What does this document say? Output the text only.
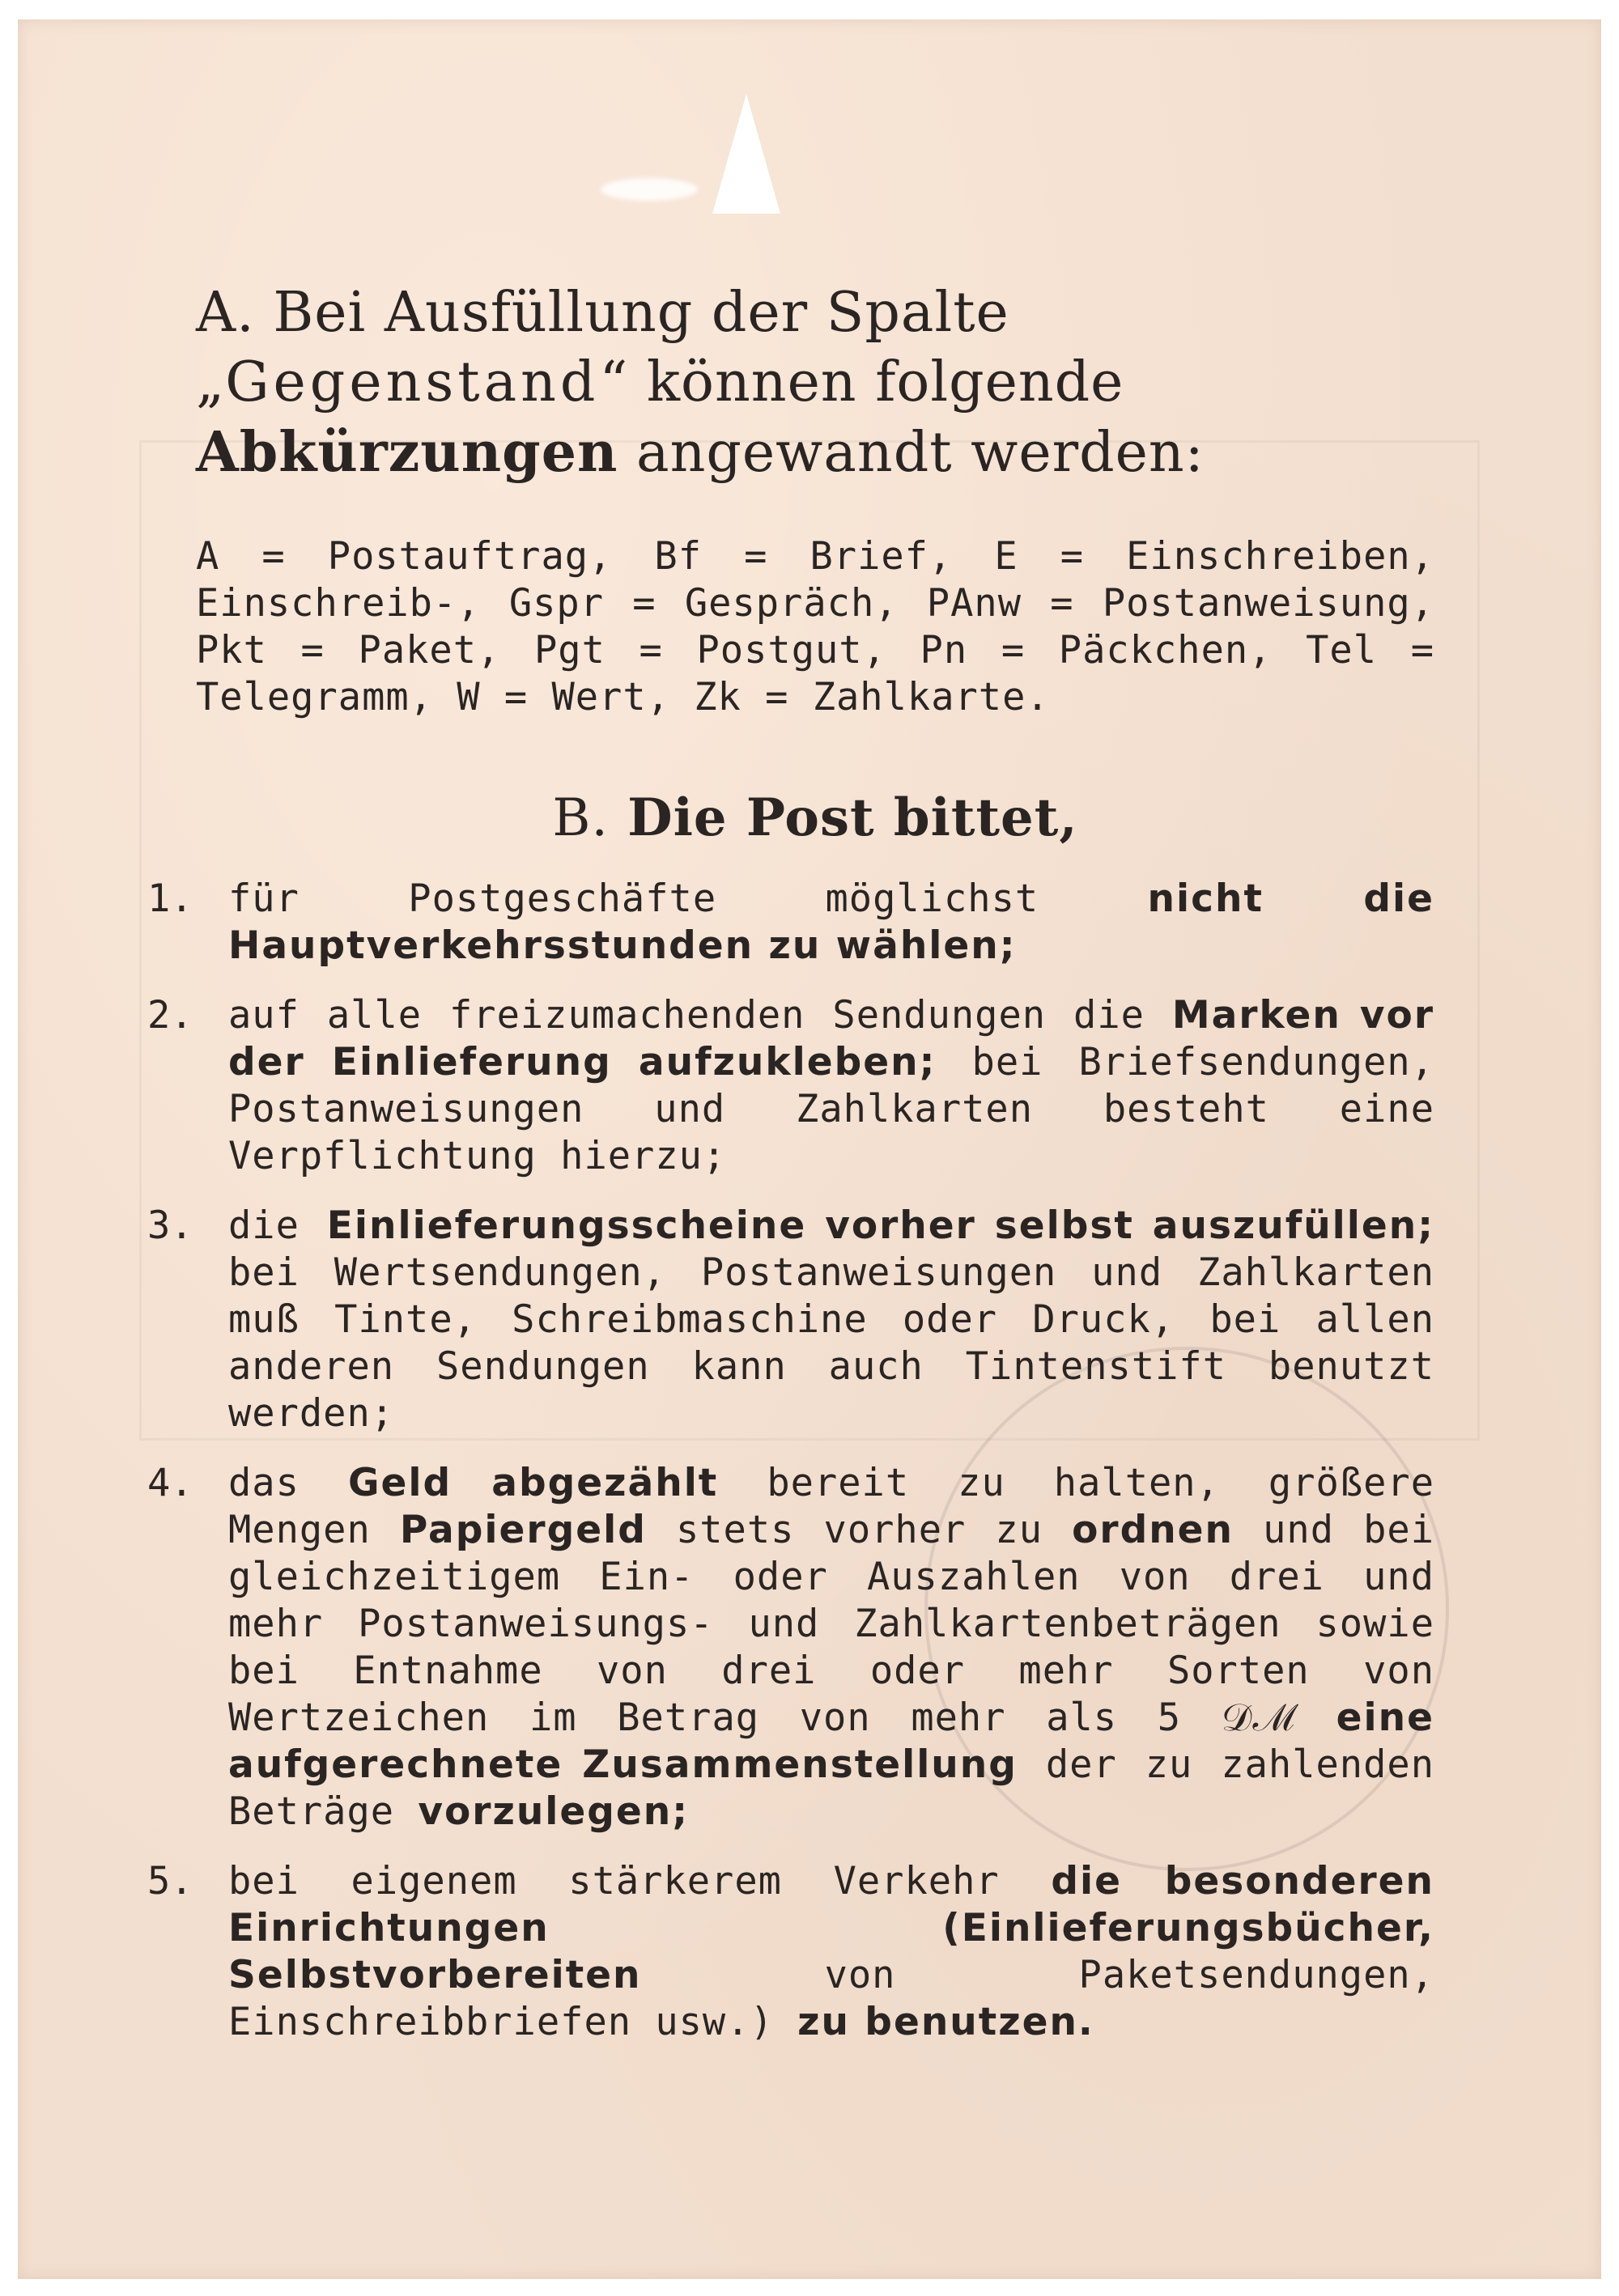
A. Bei Ausfüllung der Spalte „Gegenstand“ können folgende Abkürzungen angewandt werden:

A = Postauftrag, Bf = Brief, E = Einschreiben, Einschreib-, Gspr = Gespräch, PAnw = Postanweisung, Pkt = Paket, Pgt = Postgut, Pn = Päckchen, Tel = Telegramm, W = Wert, Zk = Zahlkarte.

B. Die Post bittet,
1. für Postgeschäfte möglichst nicht die Hauptverkehrsstunden zu wählen;
2. auf alle freizumachenden Sendungen die Marken vor der Einlieferung aufzukleben; bei Briefsendungen, Postanweisungen und Zahlkarten besteht eine Verpflichtung hierzu;
3. die Einlieferungsscheine vorher selbst auszufüllen; bei Wertsendungen, Postanweisungen und Zahlkarten muß Tinte, Schreibmaschine oder Druck, bei allen anderen Sendungen kann auch Tintenstift benutzt werden;
4. das Geld abgezählt bereit zu halten, größere Mengen Papiergeld stets vorher zu ordnen und bei gleichzeitigem Ein- oder Auszahlen von drei und mehr Postanweisungs- und Zahlkartenbeträgen sowie bei Entnahme von drei oder mehr Sorten von Wertzeichen im Betrag von mehr als 5 𝒟ℳ eine aufgerechnete Zusammenstellung der zu zahlenden Beträge vorzulegen;
5. bei eigenem stärkerem Verkehr die besonderen Einrichtungen (Einlieferungsbücher, Selbstvorbereiten von Paketsendungen, Einschreibbriefen usw.) zu benutzen.
